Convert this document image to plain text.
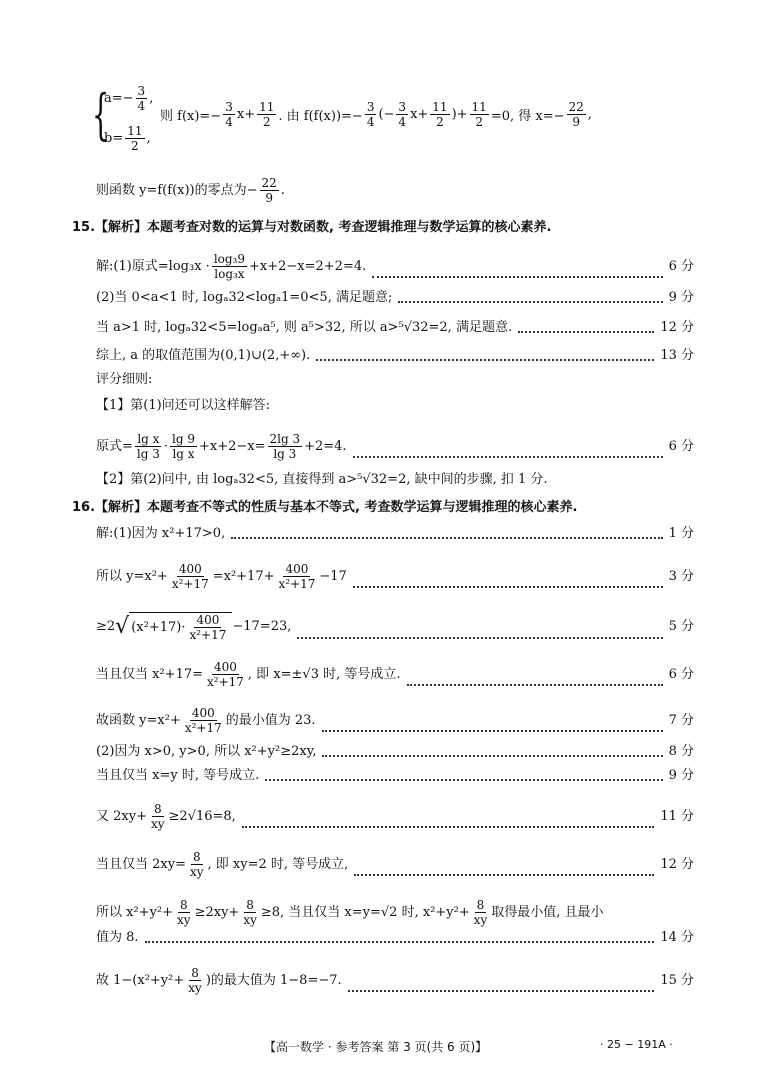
{
$a=- \frac{3}{4}$ ,
$b= \frac{11}{2}$ ,
则 $f(x)=- \frac{3}{4} x+ \frac{11}{2}$ . 由 $f(f(x))=- \frac{3}{4}$ (− $\frac{3}{4} x+ \frac{11}{2}$ )+ $\frac{11}{2} =0$, 得 $x=- \frac{22}{9}$ ,
则函数 y=f(f(x))的零点为− $\frac{22}{9}$ .
15.【解析】本题考查对数的运算与对数函数, 考查逻辑推理与数学运算的核心素养.
解:(1)原式$=\log_3x \cdot \frac{\text{log₃9}}{\text{log₃x}} +x+2-x=2+2=4$.	6 分
(2)当 0<a<1 时, logₐ32<logₐ1=0<5, 满足题意;	9 分
当 a>1 时, logₐ32<5=logₐa⁵, 则 a⁵>32, 所以 a>⁵√32=2, 满足题意.	12 分
综上, a 的取值范围为(0,1)∪(2,+∞).	13 分
评分细则:
【1】第(1)问还可以这样解答:
原式= $\frac{\text{lg x}}{\lg 3} \cdot \frac{\lg 9}{\text{lg x}} +x+2-x= \frac{2\lg 3}{\lg 3} +2=4$.	6 分
【2】第(2)问中, 由 logₐ32<5, 直接得到 a>⁵√32=2, 缺中间的步骤, 扣 1 分.
16.【解析】本题考查不等式的性质与基本不等式, 考查数学运算与逻辑推理的核心素养.
解:(1)因为 x²+17>0,	1 分
所以 $y=x^2+ \frac{400}{\text{x²+17}} =x^2+17+ \frac{400}{\text{x²+17}} -17$	3 分
≥2 √ $(x^2+17)\cdot \frac{400}{\text{x²+17}} -17=23$,	5 分
当且仅当 $x^2+17= \frac{400}{\text{x²+17}}$ , 即 x=±√3 时, 等号成立.	6 分
故函数 $y=x^2+ \frac{400}{\text{x²+17}}$ 的最小值为 23.	7 分
(2)因为 x>0, y>0, 所以 x²+y²≥2xy,	8 分
当且仅当 x=y 时, 等号成立.	9 分
又 $2xy+ \frac{8}{xy} \ge 2√16=8$,	11 分
当且仅当 $2xy= \frac{8}{xy}$ , 即 xy=2 时, 等号成立,	12 分
所以 $x^2+y^2+ \frac{8}{xy} \ge 2xy+ \frac{8}{xy} \ge 8$, 当且仅当 x=y=√2 时, $x^2+y^2+ \frac{8}{xy}$ 取得最小值, 且最小
值为 8.	14 分
故 $1-(x^2+y^2+ \frac{8}{xy}$ )的最大值为 1−8=−7.	15 分
【高一数学 · 参考答案 第 3 页(共 6 页)】	· 25 − 191A ·
